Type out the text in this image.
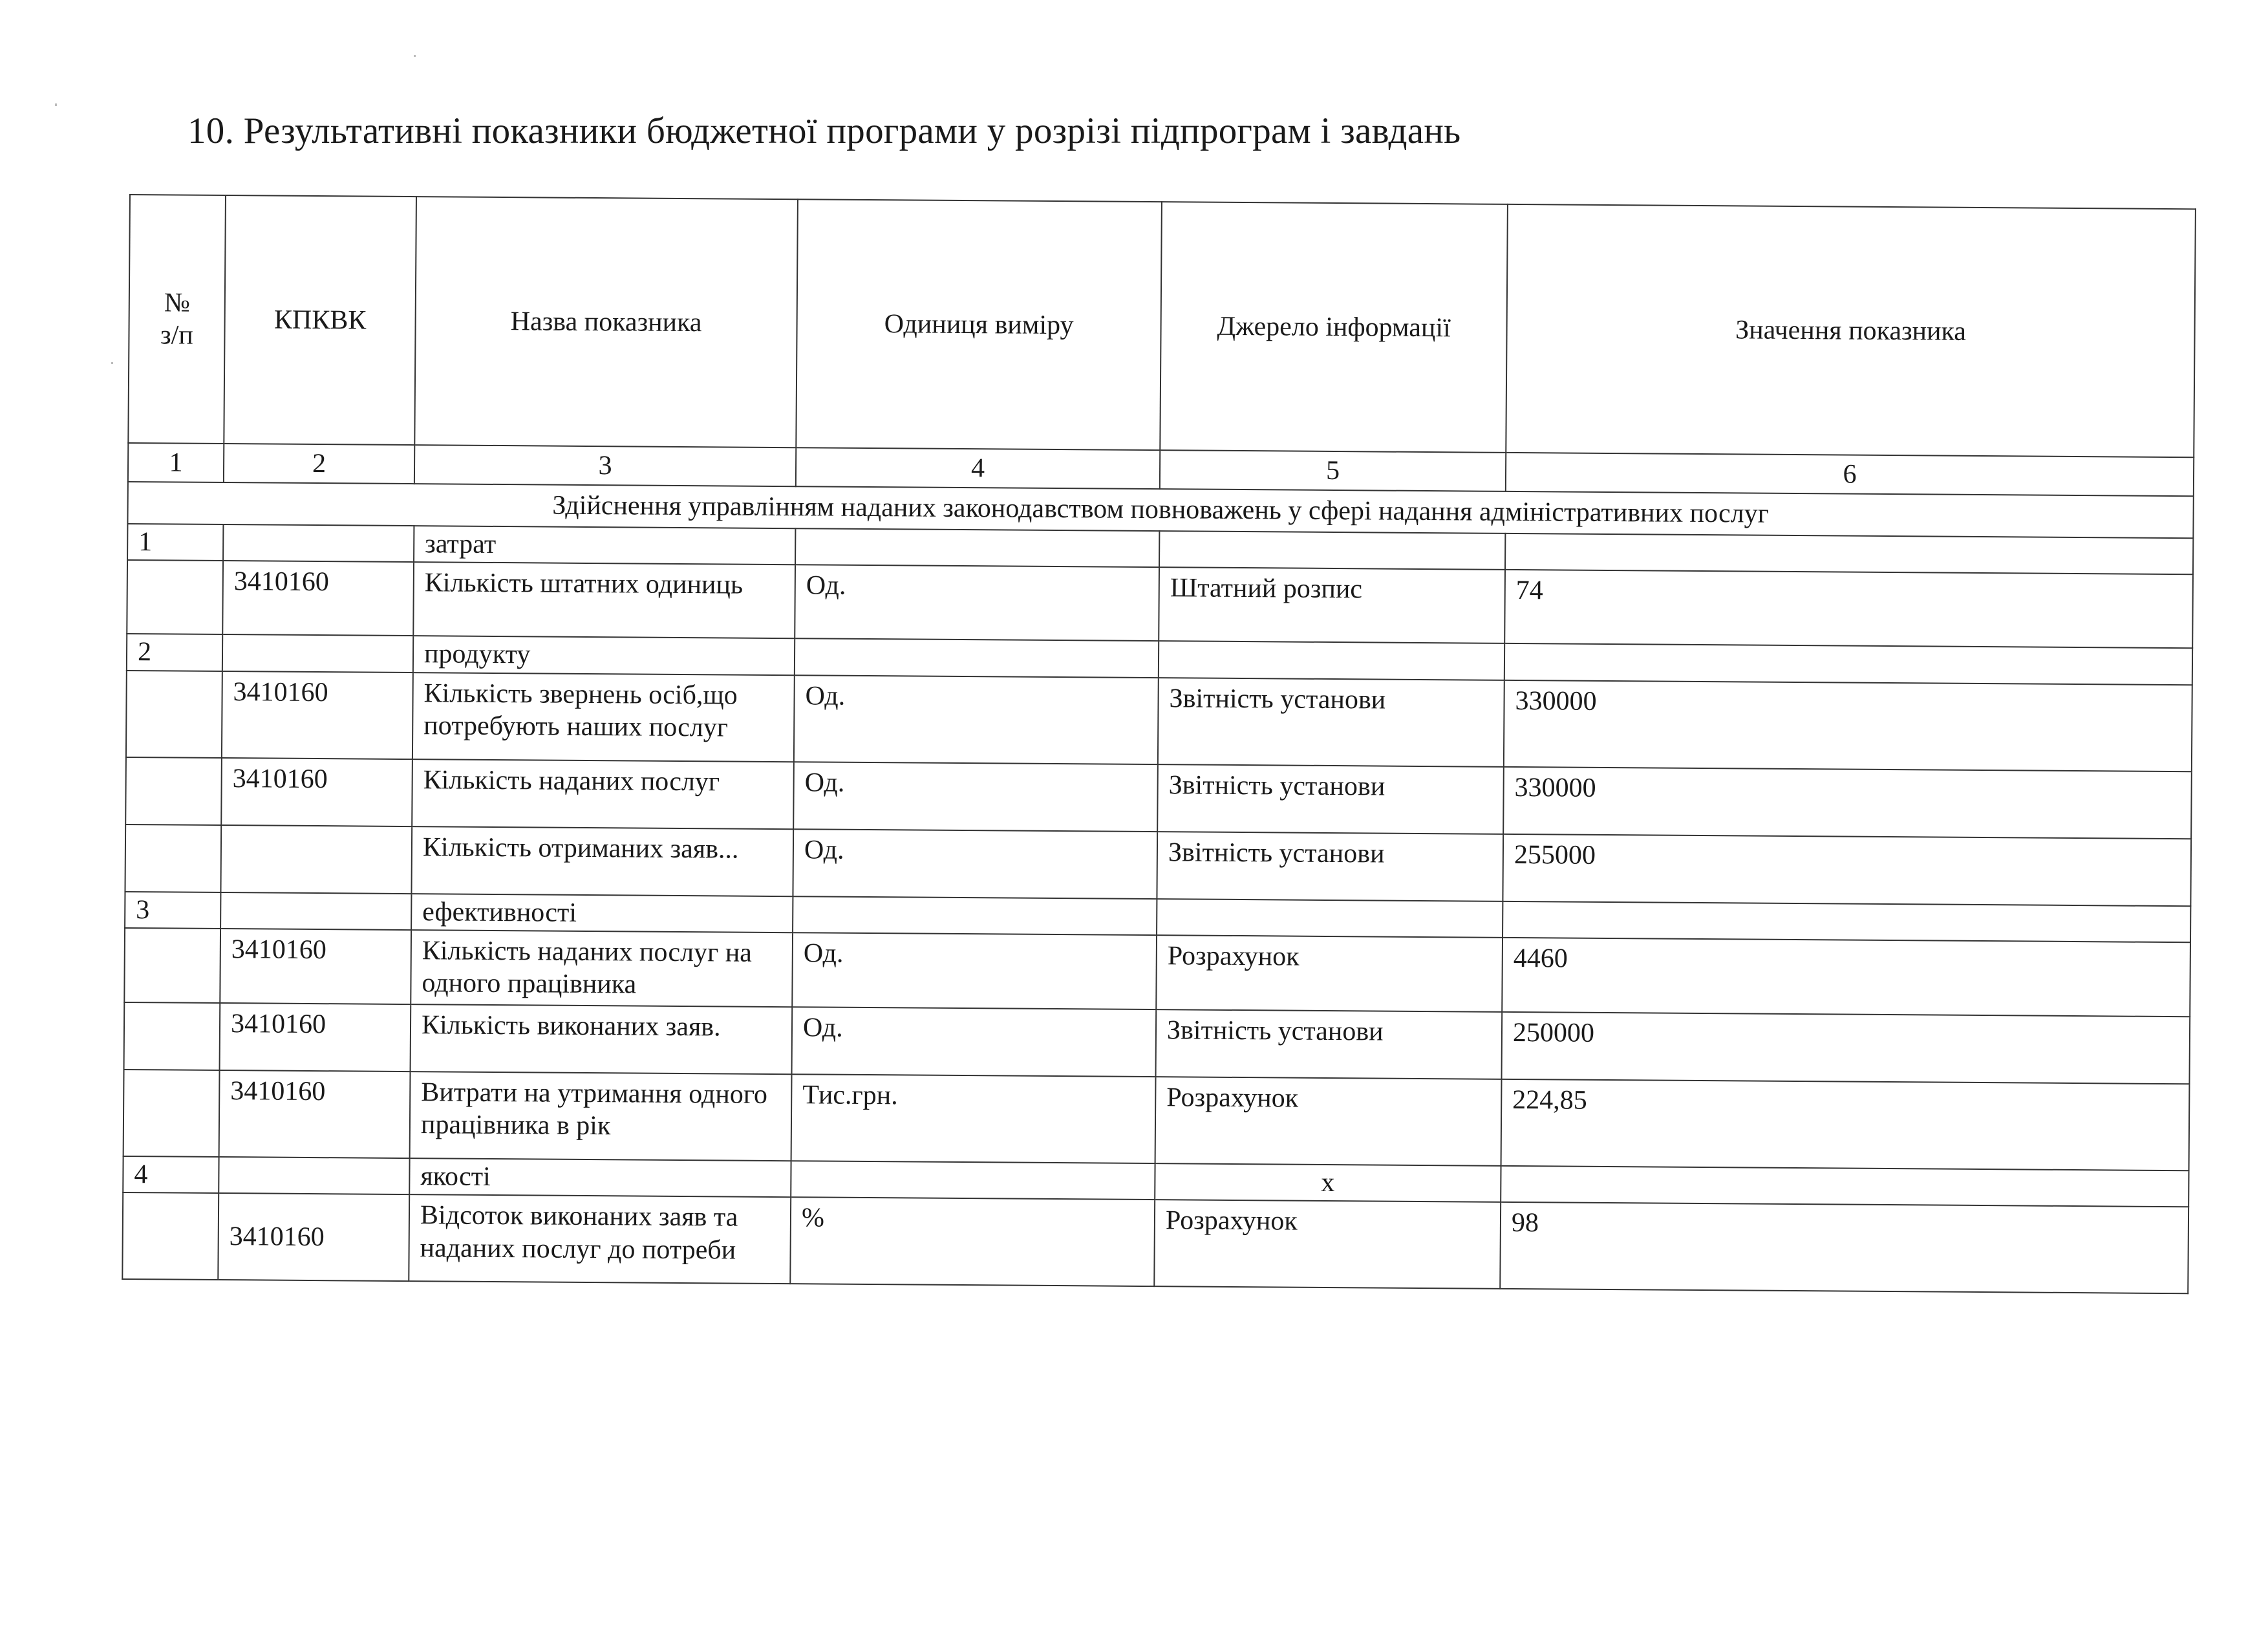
10. Результативні показники бюджетної програми у розрізі підпрограм і завдань
№
з/п	КПКВК	Назва показника	Одиниця виміру	Джерело інформації	Значення показника
1	2	3	4	5	6
Здійснення управлінням наданих законодавством повноважень у сфері надання адміністративних послуг					
1		затрат			
	3410160	Кількість штатних одиниць	Од.	Штатний розпис	74
2		продукту			
	3410160	Кількість звернень осіб,що потребують наших послуг	Од.	Звітність установи	330000
	3410160	Кількість наданих послуг	Од.	Звітність установи	330000
		Кількість отриманих заяв...	Од.	Звітність установи	255000
3		ефективності			
	3410160	Кількість наданих послуг на одного працівника	Од.	Розрахунок	4460
	3410160	Кількість виконаних заяв.	Од.	Звітність установи	250000
	3410160	Витрати на утримання одного працівника в рік	Тис.грн.	Розрахунок	224,85
4		якості		x	
	3410160	Відсоток виконаних заяв та наданих послуг до потреби	%	Розрахунок	98
